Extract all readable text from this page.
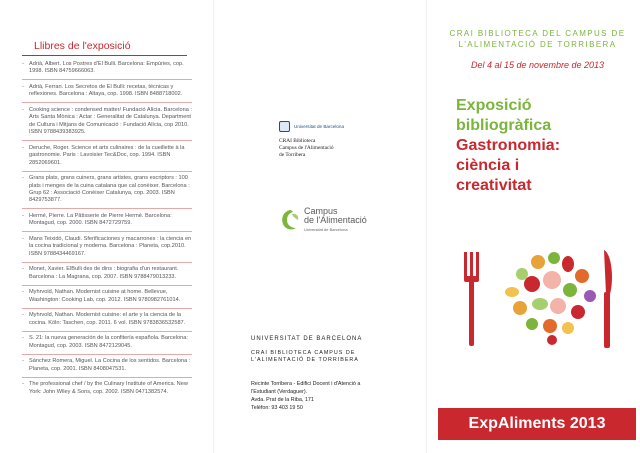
Llibres de l'exposició
- Adrià, Albert. Los Postres d'El Bulli. Barcelona: Empúries, cop. 1998. ISBN 84759666063.
- Adrià, Ferran. Los Secretos de El Bulli: recetas, técnicas y reflexiones. Barcelona : Altaya, cop. 1998. ISBN 8488718002.
- Cooking science : condensed matter/ Fundació Alícia. Barcelona : Arts Santa Mònica : Actar : Generalitat de Catalunya. Department de Cultura i Mitjans de Comunicació : Fundació Alícia, cop 2010. ISBN 9788439383925.
- Deruche, Roger. Science et arts culinaires : de la cueillette à la gastronomie. Paris : Lavoisier Tec&Doc, cop. 1994. ISBN 2852069601.
- Grans plats, grans cuiners, grans artistes, grans escriptors : 100 plats i menges de la cuina catalana que cal conèixer. Barcelona : Grup 62 : Associació Conèixer Catalunya, cop. 2003. ISBN 8429753877.
- Hermé, Pierre. La Pâtisserie de Pierre Hermé. Barcelona: Montagud, cop. 2000. ISBN 8472729759.
- Mans Teixidó, Claudi. Sferificaciones y macarrones : la ciencia en la cocina tradicional y moderna. Barcelona : Planeta, cop.2010. ISBN 9788434469167.
- Monet, Xavier. ElBulli des de dins : biografia d'un restaurant. Barcelona : La Magrana, cop. 2007. ISBN 9788479013233.
- Myhrvold, Nathan. Modernist cuisine at home. Bellevue, Washington: Cooking Lab, cop. 2012. ISBN 9780982761014.
- Myhrvold, Nathan. Modernist cuisine: el arte y la ciencia de la cocina. Köln: Taschen, cop. 2011. 6 vol. ISBN 9783836532587.
- S. 21: la nueva generación de la confitería española. Barcelona: Montagud, cop. 2003. ISBN 8472129045.
- Sánchez Romera, Miguel. La Cocina de los sentidos. Barcelona : Planeta, cop. 2001. ISBN 8408047531.
- The professional chef / by the Culinary Institute of America. New York: John Wiley & Sons, cop. 2002. ISBN 0471382574.
Universitat de Barcelona
CRAI Biblioteca
Campus de l'Alimentació
de Torribera
Campus
de l'Alimentació
Universitat de Barcelona
UNIVERSITAT DE BARCELONA
CRAI BIBLIOTECA CAMPUS DE
L'ALIMENTACIÓ DE TORRIBERA
Recinte Torribera - Edifici Docent i d'Atenció a
l'Estudiant (Verdaguer).
Avda. Prat de la Riba, 171
Telèfon: 93 403 19 50
CRAI BIBLIOTECA DEL CAMPUS DE
L'ALIMENTACIÓ DE TORRIBERA
Del 4 al 15 de novembre de 2013
Exposició
bibliogràfica
Gastronomia:
ciència i
creativitat
ExpAliments 2013
